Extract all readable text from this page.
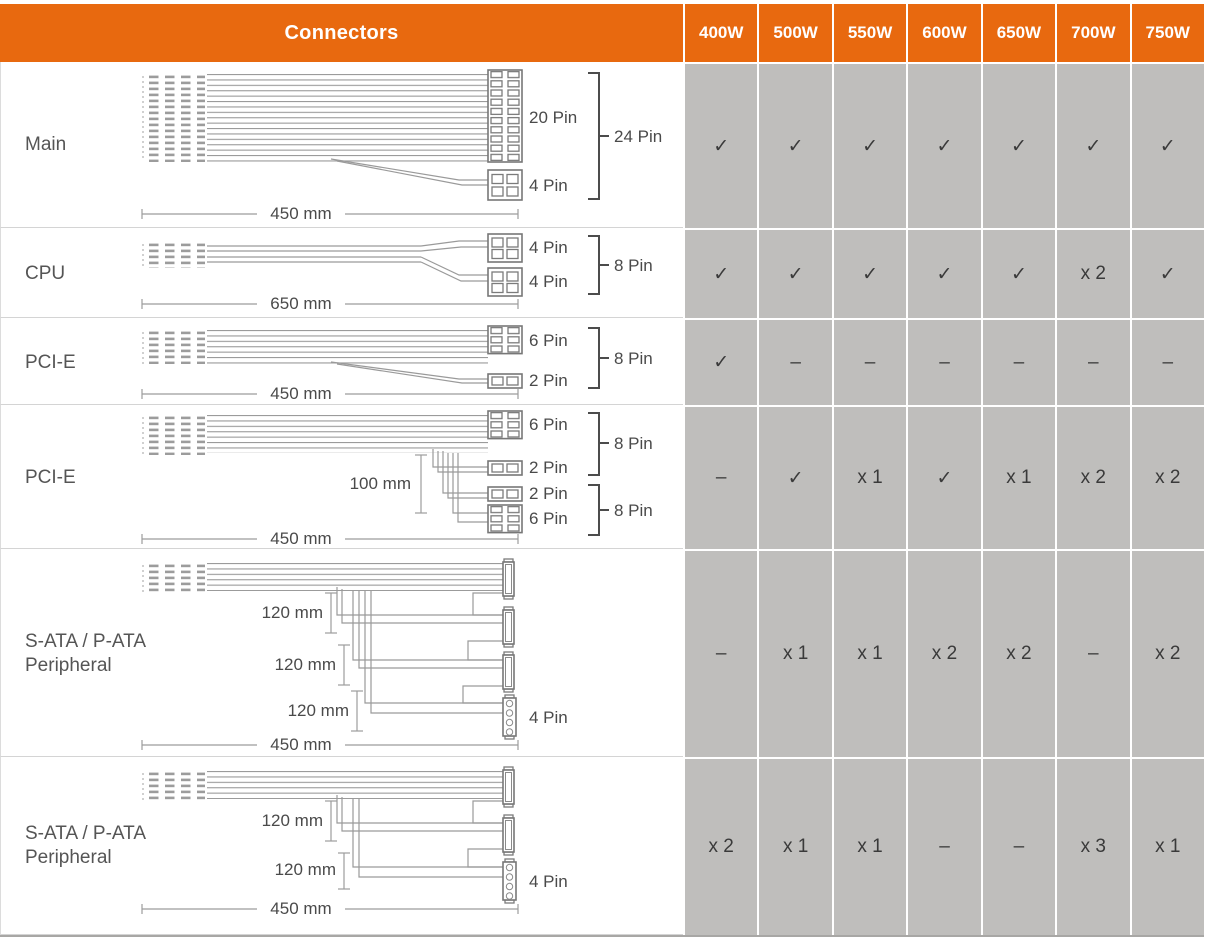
Connectors	400W	500W	550W	600W	650W	700W	750W
Main
20 Pin
4 Pin
24 Pin
450 mm
✓	✓	✓	✓	✓	✓	✓
CPU
4 Pin
4 Pin
8 Pin
650 mm
✓	✓	✓	✓	✓	x 2	✓
PCI-E
6 Pin
2 Pin
8 Pin
450 mm
✓	–	–	–	–	–	–
PCI-E	100 mm
6 Pin
2 Pin
2 Pin
6 Pin
8 Pin
8 Pin
450 mm
–	✓	x 1	✓	x 1	x 2	x 2
S-ATA / P-ATA
Peripheral
120 mm
120 mm
120 mm	4 Pin
450 mm
–	x 1	x 1	x 2	x 2	–	x 2
S-ATA / P-ATA
Peripheral
120 mm
120 mm
4 Pin
450 mm
x 2	x 1	x 1	–	–	x 3	x 1
